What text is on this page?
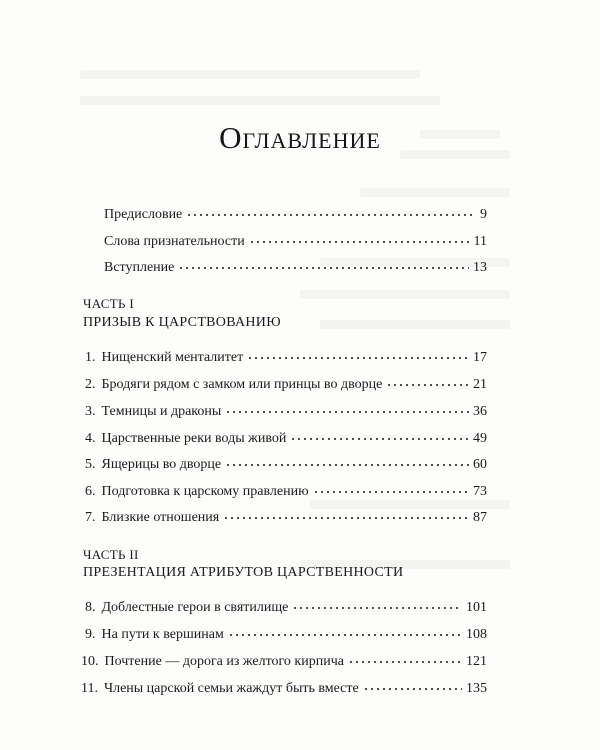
Оглавление
Предисловие	9
Слова признательности	11
Вступление	13
ЧАСТЬ I
ПРИЗЫВ К ЦАРСТВОВАНИЮ
1. Нищенский менталитет	17
2. Бродяги рядом с замком или принцы во дворце	21
3. Темницы и драконы	36
4. Царственные реки воды живой	49
5. Ящерицы во дворце	60
6. Подготовка к царскому правлению	73
7. Близкие отношения	87
ЧАСТЬ II
ПРЕЗЕНТАЦИЯ АТРИБУТОВ ЦАРСТВЕННОСТИ
8. Доблестные герои в святилище	101
9. На пути к вершинам	108
10. Почтение — дорога из желтого кирпича	121
11. Члены царской семьи жаждут быть вместе	135
